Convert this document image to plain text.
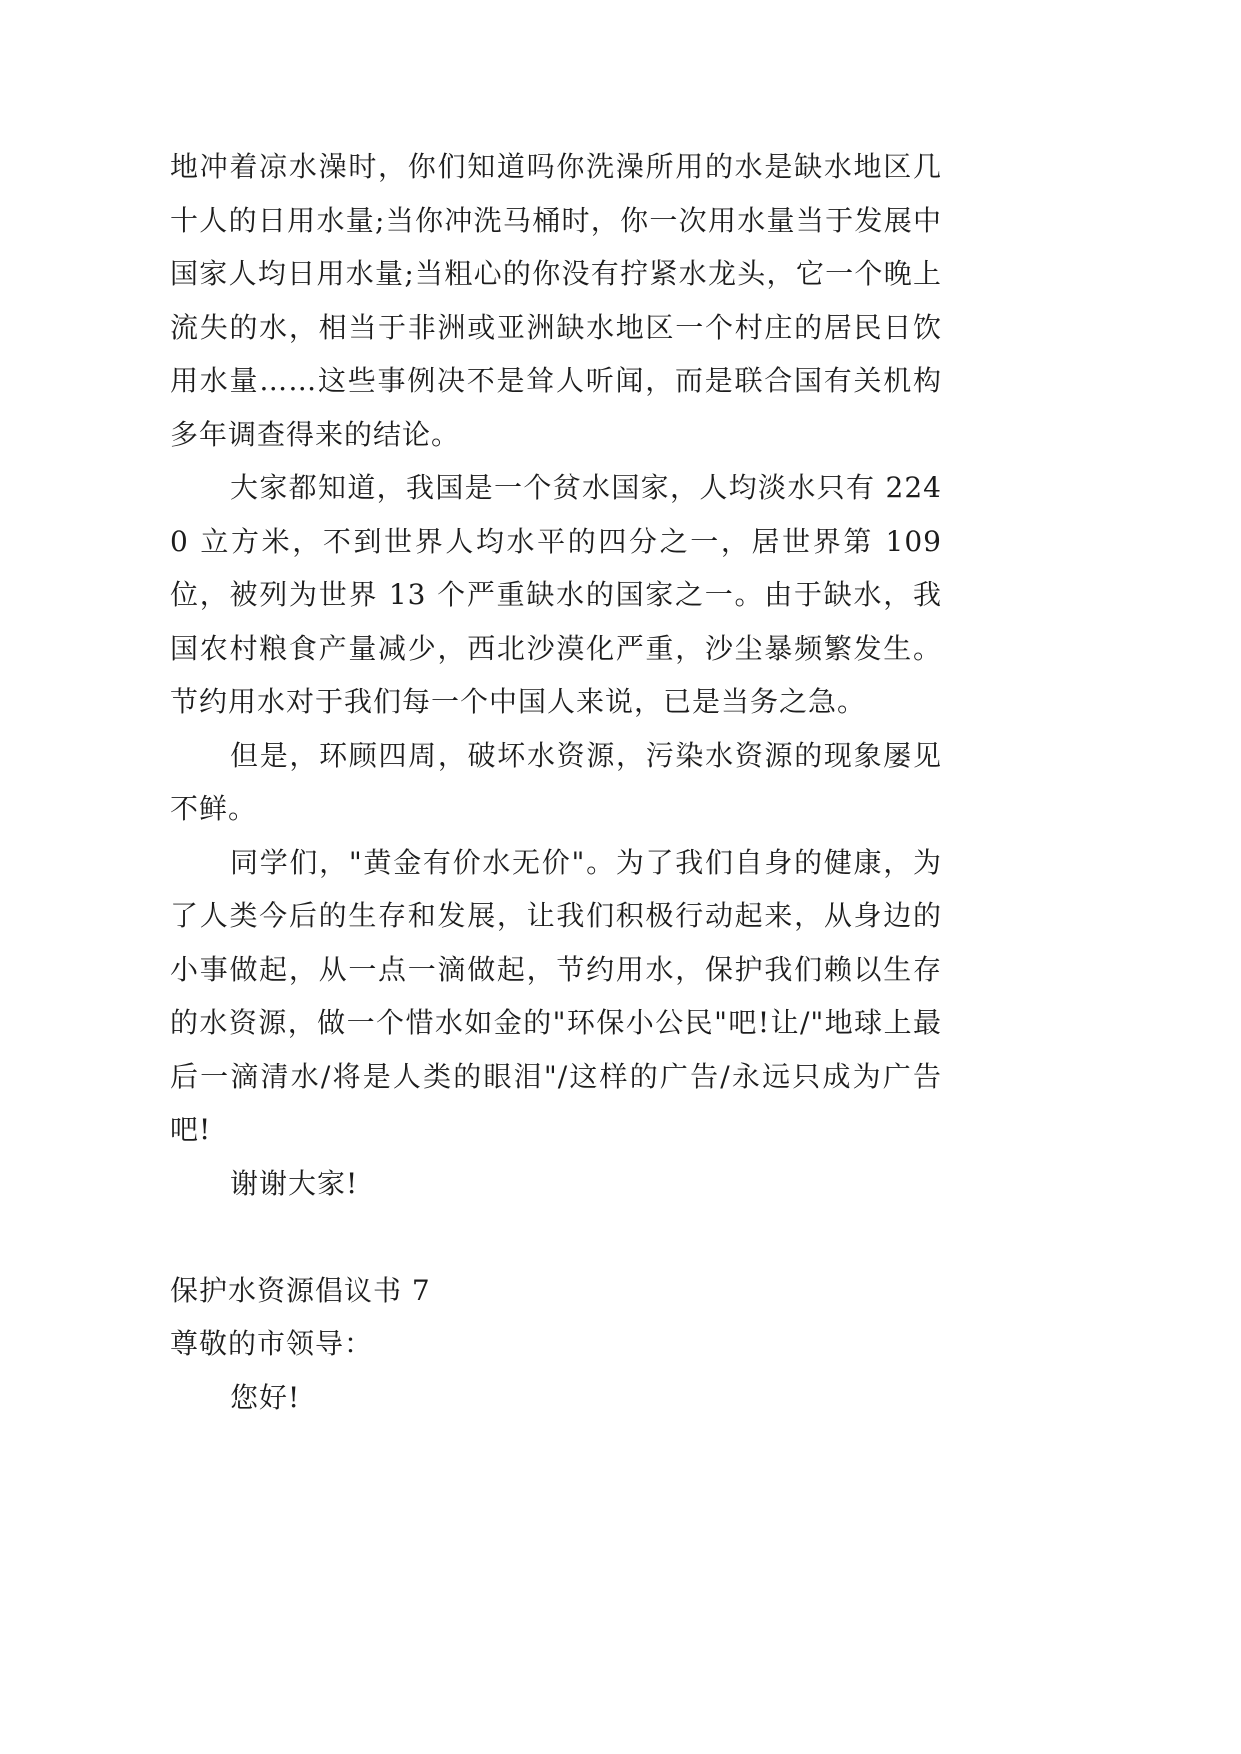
地冲着凉水澡时，你们知道吗你洗澡所用的水是缺水地区几十人的日用水量;当你冲洗马桶时，你一次用水量当于发展中国家人均日用水量;当粗心的你没有拧紧水龙头，它一个晚上流失的水，相当于非洲或亚洲缺水地区一个村庄的居民日饮用水量……这些事例决不是耸人听闻，而是联合国有关机构多年调查得来的结论。

大家都知道，我国是一个贫水国家，人均淡水只有 2240 立方米，不到世界人均水平的四分之一，居世界第 109 位，被列为世界 13 个严重缺水的国家之一。由于缺水，我国农村粮食产量减少，西北沙漠化严重，沙尘暴频繁发生。节约用水对于我们每一个中国人来说，已是当务之急。

但是，环顾四周，破坏水资源，污染水资源的现象屡见不鲜。

同学们，"黄金有价水无价"。为了我们自身的健康，为了人类今后的生存和发展，让我们积极行动起来，从身边的小事做起，从一点一滴做起，节约用水，保护我们赖以生存的水资源，做一个惜水如金的"环保小公民"吧!让/"地球上最后一滴清水/将是人类的眼泪"/这样的广告/永远只成为广告吧!

谢谢大家!

保护水资源倡议书 7

尊敬的市领导：

您好!
